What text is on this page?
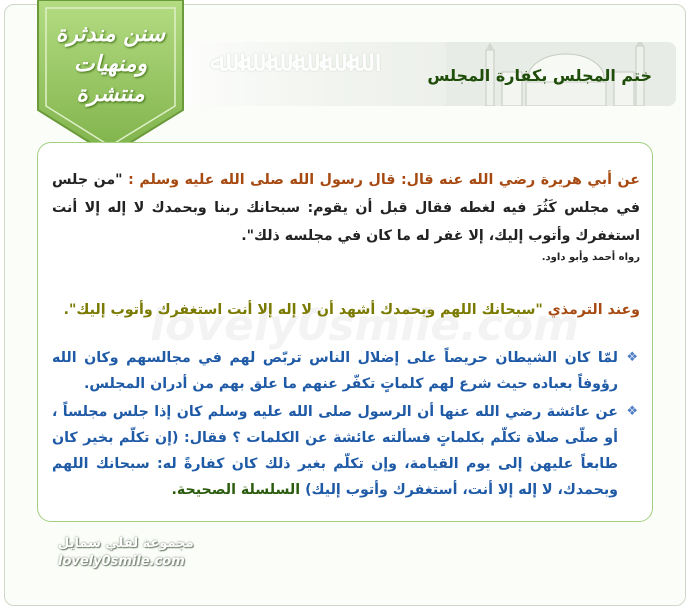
ﷲ ﷲ ﷲ ﷲ ﷲ ﷲ	ختم المجلس بكفارة المجلس
سنن مندثرة
ومنهيات
منتشرة

عن أبي هريرة رضي الله عنه قال: قال رسول الله صلى الله عليه وسلم : "من جلس في مجلس كَثُرَ فيه لغطه فقال قبل أن يقوم: سبحانك ربنا وبحمدك لا إله إلا أنت استغفرك وأتوب إليك، إلا غفر له ما كان في مجلسه ذلك".

رواه أحمد وأبو داود.

وعند الترمذي "سبحانك اللهم وبحمدك أشهد أن لا إله إلا أنت استغفرك وأتوب إليك".

❖
لمّا كان الشيطان حريصاً على إضلال الناس تربّص لهم في مجالسهم وكان الله رؤوفاً بعباده حيث شرع لهم كلماتٍ تكفّر عنهم ما علق بهم من أدران المجلس.
❖
عن عائشة رضي الله عنها أن الرسول صلى الله عليه وسلم كان إذا جلس مجلساً ، أو صلّى صلاة تكلّم بكلماتٍ فسألته عائشة عن الكلمات ؟ فقال: (إن تكلّم بخير كان طابعاً عليهن إلى يوم القيامة، وإن تكلّم بغير ذلك كان كفارةً له: سبحانك اللهم وبحمدك، لا إله إلا أنت، أستغفرك وأتوب إليك) السلسلة الصحيحة.
مجموعة لفلي سمايل
lovely0smile.com
